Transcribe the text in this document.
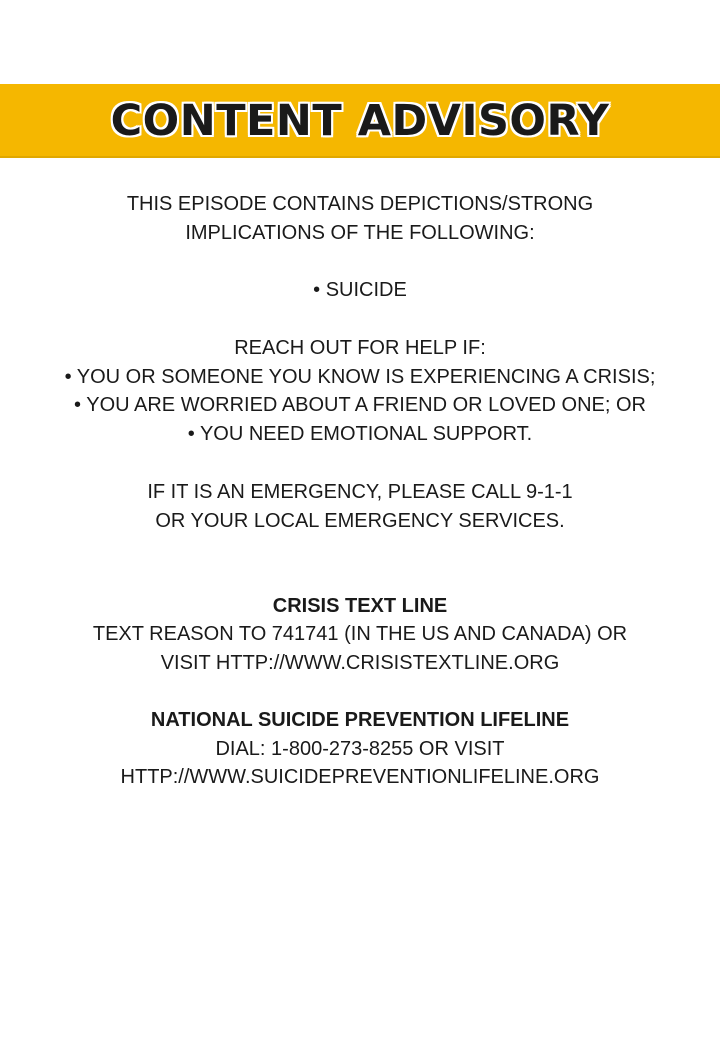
CONTENT ADVISORY
THIS EPISODE CONTAINS DEPICTIONS/STRONG
IMPLICATIONS OF THE FOLLOWING:
• SUICIDE
REACH OUT FOR HELP IF:
• YOU OR SOMEONE YOU KNOW IS EXPERIENCING A CRISIS;
• YOU ARE WORRIED ABOUT A FRIEND OR LOVED ONE; OR
• YOU NEED EMOTIONAL SUPPORT.
IF IT IS AN EMERGENCY, PLEASE CALL 9-1-1
OR YOUR LOCAL EMERGENCY SERVICES.
CRISIS TEXT LINE
TEXT REASON TO 741741 (IN THE US AND CANADA) OR
VISIT HTTP://WWW.CRISISTEXTLINE.ORG
NATIONAL SUICIDE PREVENTION LIFELINE
DIAL: 1-800-273-8255 OR VISIT
HTTP://WWW.SUICIDEPREVENTIONLIFELINE.ORG
